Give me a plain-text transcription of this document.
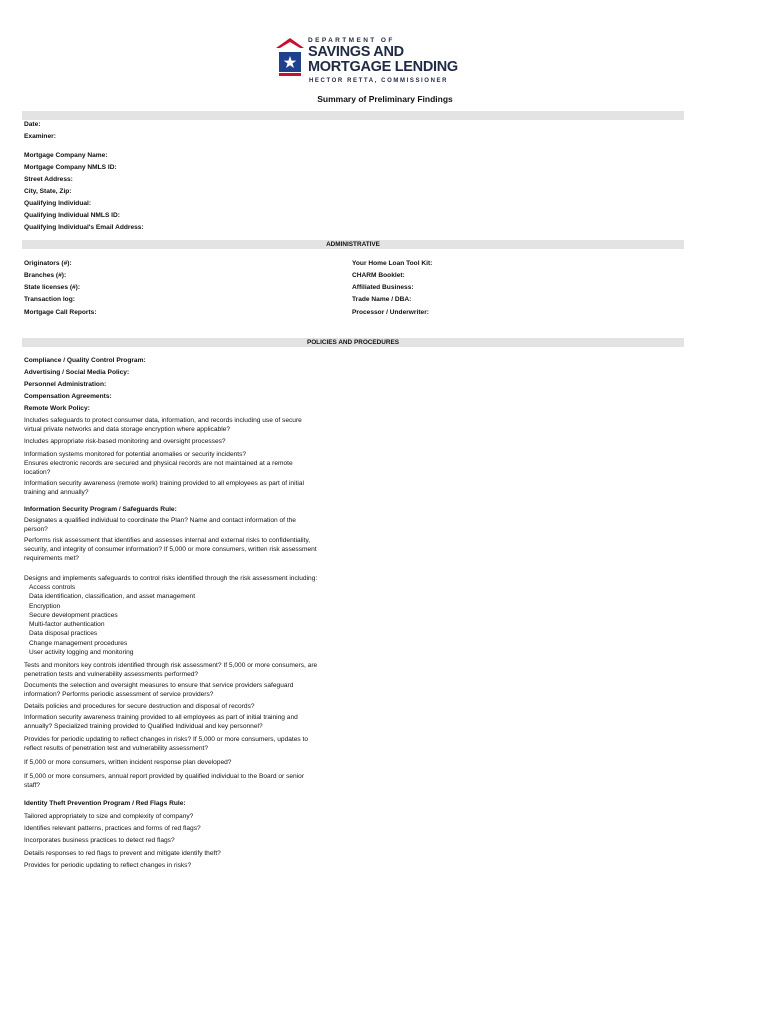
DEPARTMENT OF
SAVINGS AND
MORTGAGE LENDING
HECTOR RETTA, COMMISSIONER
Summary of Preliminary Findings
Date:
Examiner:
Mortgage Company Name:
Mortgage Company NMLS ID:
Street Address:
City, State, Zip:
Qualifying Individual:
Qualifying Individual NMLS ID:
Qualifying Individual's Email Address:
ADMINISTRATIVE
Originators (#):
Branches (#):
State licenses (#):
Transaction log:
Mortgage Call Reports:
Your Home Loan Tool Kit:
CHARM Booklet:
Affiliated Business:
Trade Name / DBA:
Processor / Underwriter:
POLICIES AND PROCEDURES
Compliance / Quality Control Program:
Advertising / Social Media Policy:
Personnel Administration:
Compensation Agreements:
Remote Work Policy:
Includes safeguards to protect consumer data, information, and records including use of secure
virtual private networks and data storage encryption where applicable?
Includes appropriate risk-based monitoring and oversight processes?
Information systems monitored for potential anomalies or security incidents?
Ensures electronic records are secured and physical records are not maintained at a remote
location?
Information security awareness (remote work) training provided to all employees as part of initial
training and annually?
Information Security Program / Safeguards Rule:
Designates a qualified individual to coordinate the Plan? Name and contact information of the
person?
Performs risk assessment that identifies and assesses internal and external risks to confidentiality,
security, and integrity of consumer information? If 5,000 or more consumers, written risk assessment
requirements met?
Designs and implements safeguards to control risks identified through the risk assessment including:
Access controls
Data identification, classification, and asset management
Encryption
Secure development practices
Multi-factor authentication
Data disposal practices
Change management procedures
User activity logging and monitoring
Tests and monitors key controls identified through risk assessment? If 5,000 or more consumers, are
penetration tests and vulnerability assessments performed?
Documents the selection and oversight measures to ensure that service providers safeguard
information? Performs periodic assessment of service providers?
Details policies and procedures for secure destruction and disposal of records?
Information security awareness training provided to all employees as part of initial training and
annually? Specialized training provided to Qualified Individual and key personnel?
Provides for periodic updating to reflect changes in risks? If 5,000 or more consumers, updates to
reflect results of penetration test and vulnerability assessment?
If 5,000 or more consumers, written incident response plan developed?
If 5,000 or more consumers, annual report provided by qualified individual to the Board or senior
staff?
Identity Theft Prevention Program / Red Flags Rule:
Tailored appropriately to size and complexity of company?
Identifies relevant patterns, practices and forms of red flags?
Incorporates business practices to detect red flags?
Details responses to red flags to prevent and mitigate identify theft?
Provides for periodic updating to reflect changes in risks?
